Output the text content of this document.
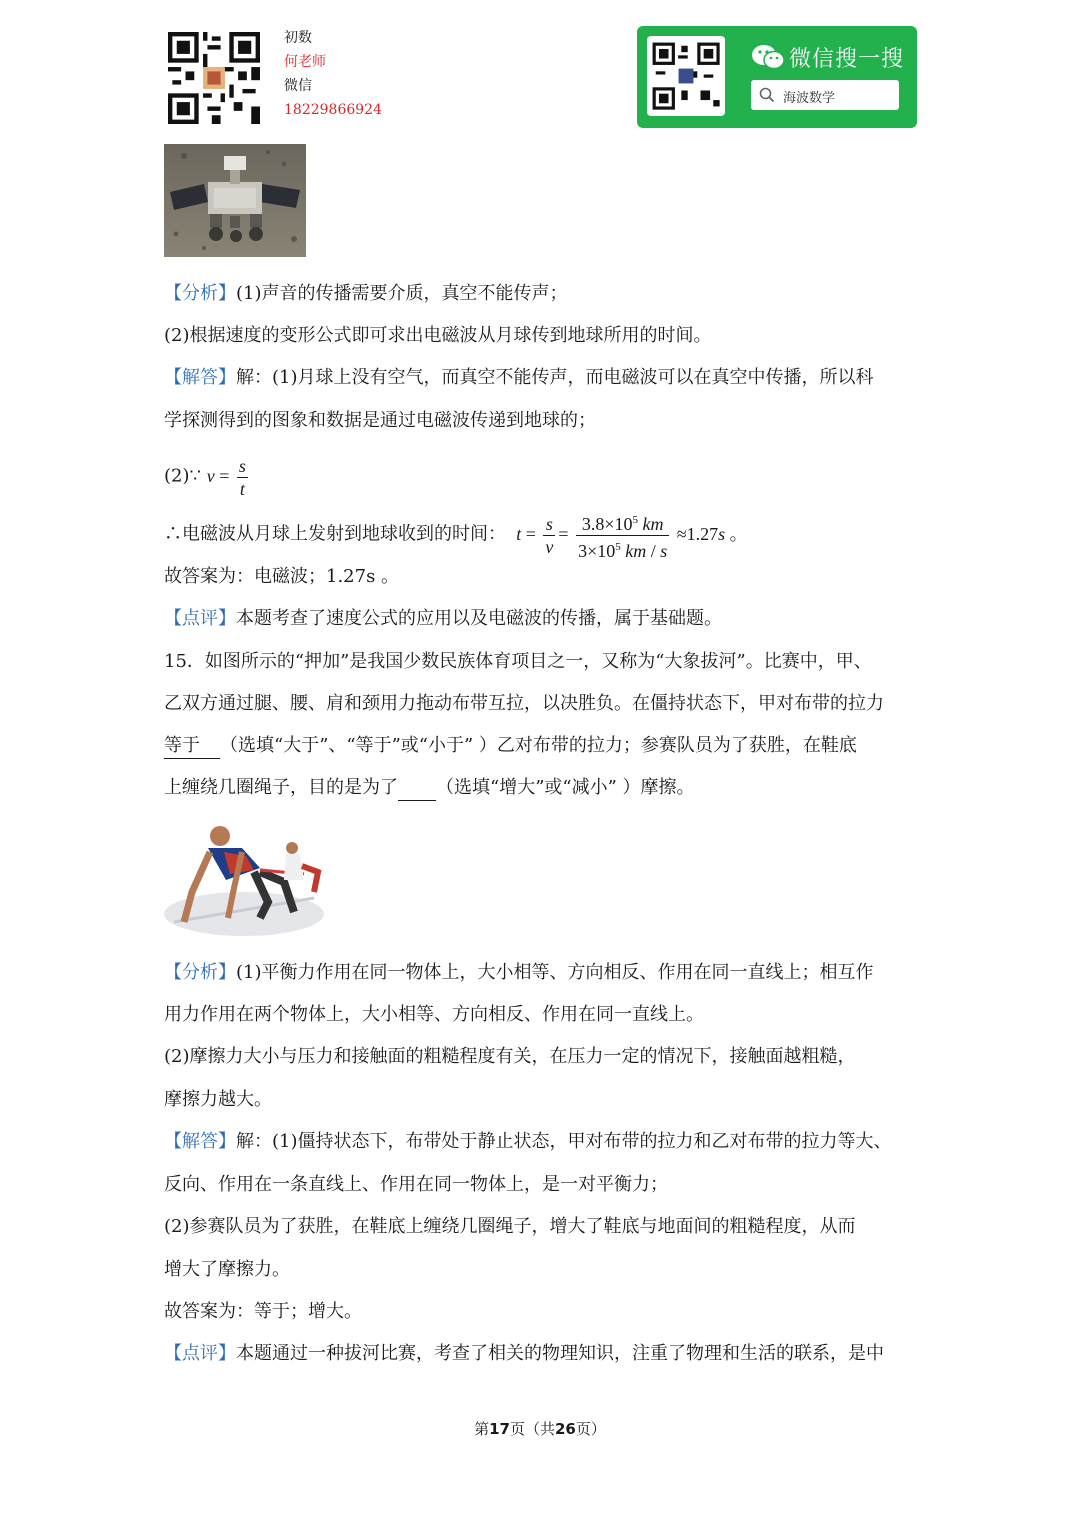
初数
何老师
微信
18229866924
微信搜一搜
海波数学
【分析】(1)声音的传播需要介质，真空不能传声；
(2)根据速度的变形公式即可求出电磁波从月球传到地球所用的时间。
【解答】解：(1)月球上没有空气，而真空不能传声，而电磁波可以在真空中传播，所以科
学探测得到的图象和数据是通过电磁波传递到地球的；
(2)∵ $v = \frac{s}{t}$
∴电磁波从月球上发射到地球收到的时间： $t = \frac{s}{v} = \frac{3.8\times 10^5 km}{3\times 10^5 km / s} \approx 1.27s$ 。
故答案为：电磁波；1.27s 。
【点评】本题考查了速度公式的应用以及电磁波的传播，属于基础题。
15．如图所示的“押加”是我国少数民族体育项目之一，又称为“大象拔河”。比赛中，甲、
乙双方通过腿、腰、肩和颈用力拖动布带互拉，以决胜负。在僵持状态下，甲对布带的拉力
等于 （选填“大于”、“等于”或“小于” ）乙对布带的拉力；参赛队员为了获胜，在鞋底
上缠绕几圈绳子，目的是为了 （选填“增大”或“减小” ）摩擦。
【分析】(1)平衡力作用在同一物体上，大小相等、方向相反、作用在同一直线上；相互作
用力作用在两个物体上，大小相等、方向相反、作用在同一直线上。
(2)摩擦力大小与压力和接触面的粗糙程度有关，在压力一定的情况下，接触面越粗糙，
摩擦力越大。
【解答】解：(1)僵持状态下，布带处于静止状态，甲对布带的拉力和乙对布带的拉力等大、
反向、作用在一条直线上、作用在同一物体上，是一对平衡力；
(2)参赛队员为了获胜，在鞋底上缠绕几圈绳子，增大了鞋底与地面间的粗糙程度，从而
增大了摩擦力。
故答案为：等于；增大。
【点评】本题通过一种拔河比赛，考查了相关的物理知识，注重了物理和生活的联系，是中
第17页（共26页）
